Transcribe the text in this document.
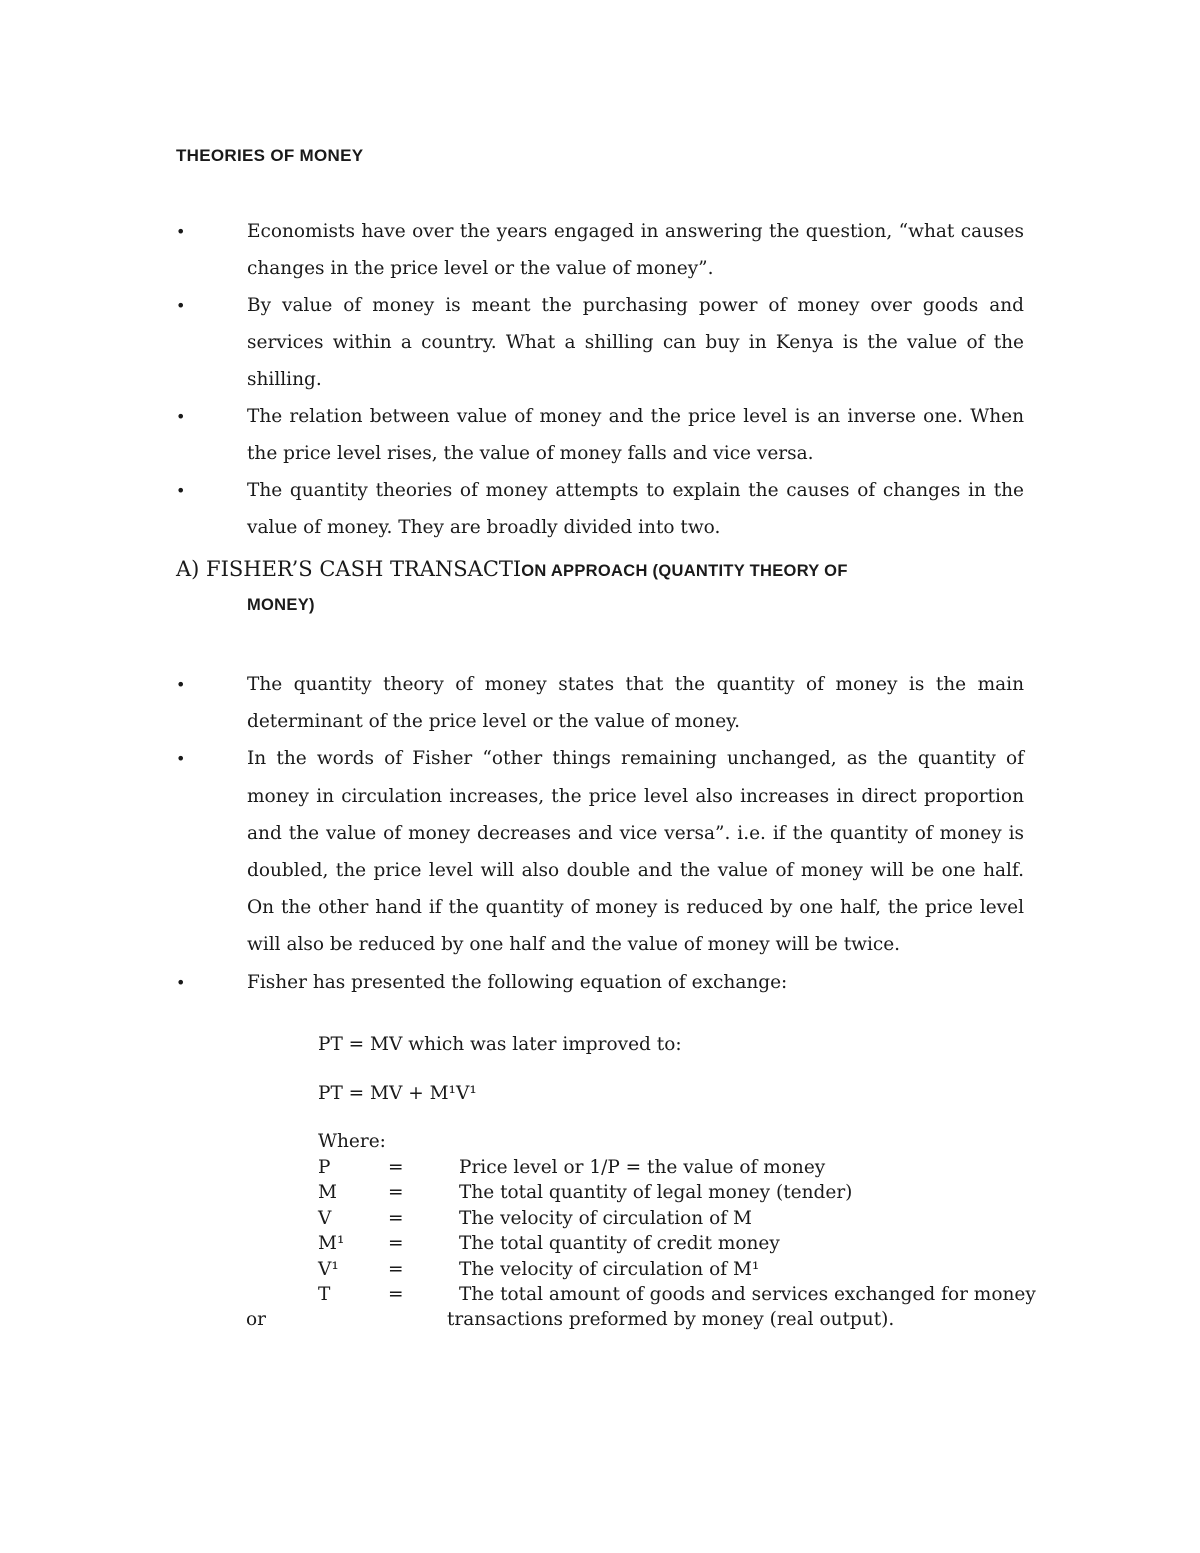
THEORIES OF MONEY
•	Economists have over the years engaged in answering the question, “what causes changes in the price level or the value of money”.
•	By value of money is meant the purchasing power of money over goods and services within a country. What a shilling can buy in Kenya is the value of the shilling.
•	The relation between value of money and the price level is an inverse one. When the price level rises, the value of money falls and vice versa.
•	The quantity theories of money attempts to explain the causes of changes in the value of money. They are broadly divided into two.
A) FISHER’S CASH TRANSACTION APPROACH (QUANTITY THEORY OF
MONEY)
•	The quantity theory of money states that the quantity of money is the main determinant of the price level or the value of money.
•	In the words of Fisher “other things remaining unchanged, as the quantity of money in circulation increases, the price level also increases in direct proportion and the value of money decreases and vice versa”. i.e. if the quantity of money is doubled, the price level will also double and the value of money will be one half. On the other hand if the quantity of money is reduced by one half, the price level will also be reduced by one half and the value of money will be twice.
•	Fisher has presented the following equation of exchange:
PT = MV which was later improved to:
PT = MV + M¹V¹
Where:
P	=	Price level or 1/P = the value of money
M	=	The total quantity of legal money (tender)
V	=	The velocity of circulation of M
M¹ =	The total quantity of credit money
V¹	=	The velocity of circulation of M¹
T	=	The total amount of goods and services exchanged for money
or	transactions preformed by money (real output).
